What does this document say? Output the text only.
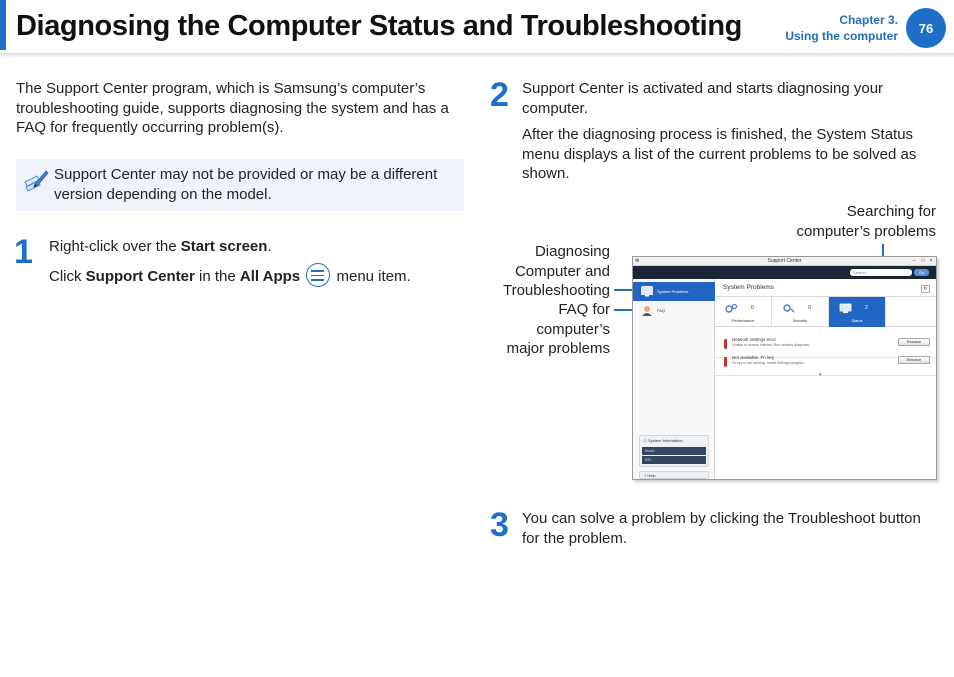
Diagnosing the Computer Status and Troubleshooting	Chapter 3.
Using the computer
76
The Support Center program, which is Samsung’s computer’s
troubleshooting guide, supports diagnosing the system and has a
FAQ for frequently occurring problem(s).
Support Center may not be provided or may be a different
version depending on the model.
1 Right-click over the Start screen.
Click Support Center in the All Apps
menu item.
2 Support Center is activated and starts diagnosing your
computer.
After the diagnosing process is finished, the System Status
menu displays a list of the current problems to be solved as
shown.
Searching for
computer’s problems
Diagnosing
Computer and
Troubleshooting
FAQ for
computer’s
major problems
⚙	Support Center	–	□	×
Search	Go
System Problems
FAQ
ⓘ System Information
Model
S/N
? Help
System Problems	↻
0
Performance
0
Security
2
Status
Network settings error
Unable to access Internet. Run network diagnosis.
Resolve
Not available. Fn key
Fn key is not working. Install Settings program.
Resolve
▾
3 You can solve a problem by clicking the Troubleshoot button
for the problem.
